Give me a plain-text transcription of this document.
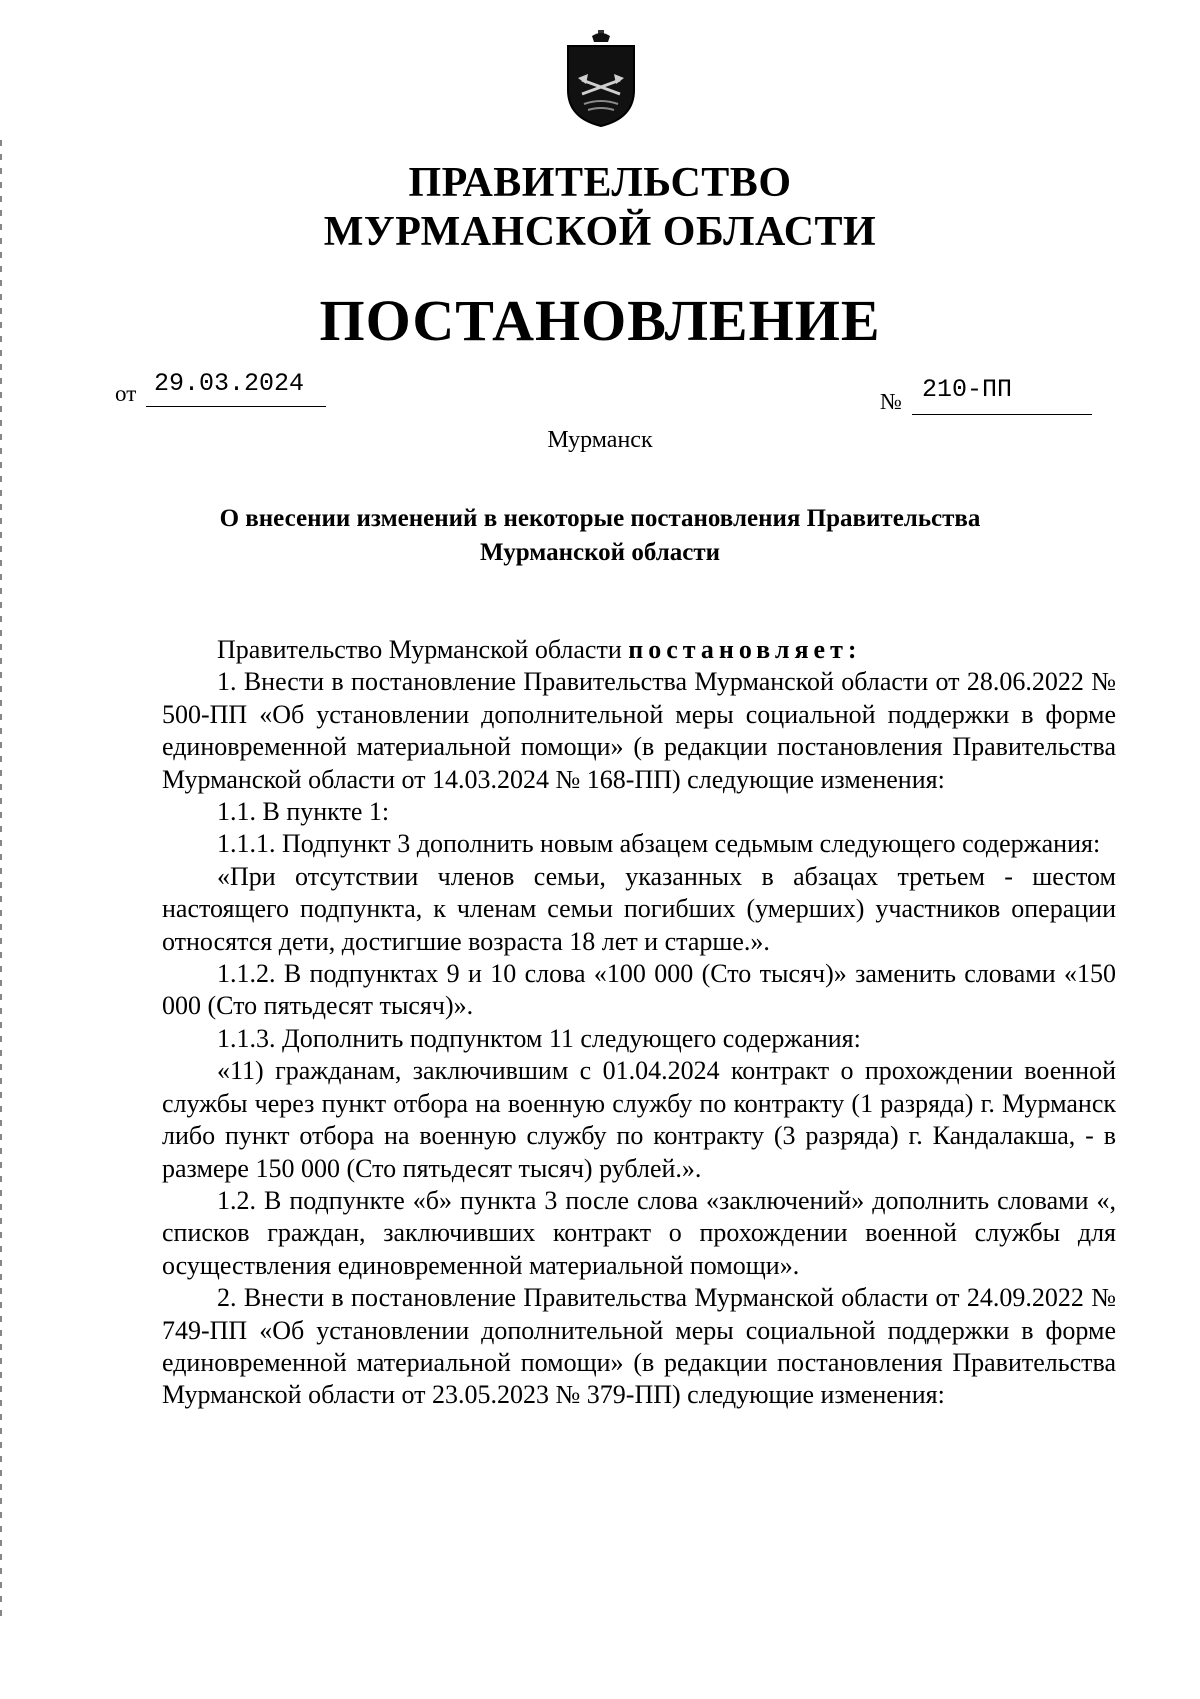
ПРАВИТЕЛЬСТВО
МУРМАНСКОЙ ОБЛАСТИ
ПОСТАНОВЛЕНИЕ
от 29.03.2024
№ 210-ПП
Мурманск
О внесении изменений в некоторые постановления Правительства
Мурманской области

Правительство Мурманской области постановляет:

1. Внести в постановление Правительства Мурманской области от 28.06.2022 № 500-ПП «Об установлении дополнительной меры социальной поддержки в форме единовременной материальной помощи» (в редакции постановления Правительства Мурманской области от 14.03.2024 № 168-ПП) следующие изменения:

1.1. В пункте 1:

1.1.1. Подпункт 3 дополнить новым абзацем седьмым следующего содержания:

«При отсутствии членов семьи, указанных в абзацах третьем - шестом настоящего подпункта, к членам семьи погибших (умерших) участников операции относятся дети, достигшие возраста 18 лет и старше.».

1.1.2. В подпунктах 9 и 10 слова «100 000 (Сто тысяч)» заменить словами «150 000 (Сто пятьдесят тысяч)».

1.1.3. Дополнить подпунктом 11 следующего содержания:

«11) гражданам, заключившим с 01.04.2024 контракт о прохождении военной службы через пункт отбора на военную службу по контракту (1 разряда) г. Мурманск либо пункт отбора на военную службу по контракту (3 разряда) г. Кандалакша, - в размере 150 000 (Сто пятьдесят тысяч) рублей.».

1.2. В подпункте «б» пункта 3 после слова «заключений» дополнить словами «, списков граждан, заключивших контракт о прохождении военной службы для осуществления единовременной материальной помощи».

2. Внести в постановление Правительства Мурманской области от 24.09.2022 № 749-ПП «Об установлении дополнительной меры социальной поддержки в форме единовременной материальной помощи» (в редакции постановления Правительства Мурманской области от 23.05.2023 № 379-ПП) следующие изменения:
